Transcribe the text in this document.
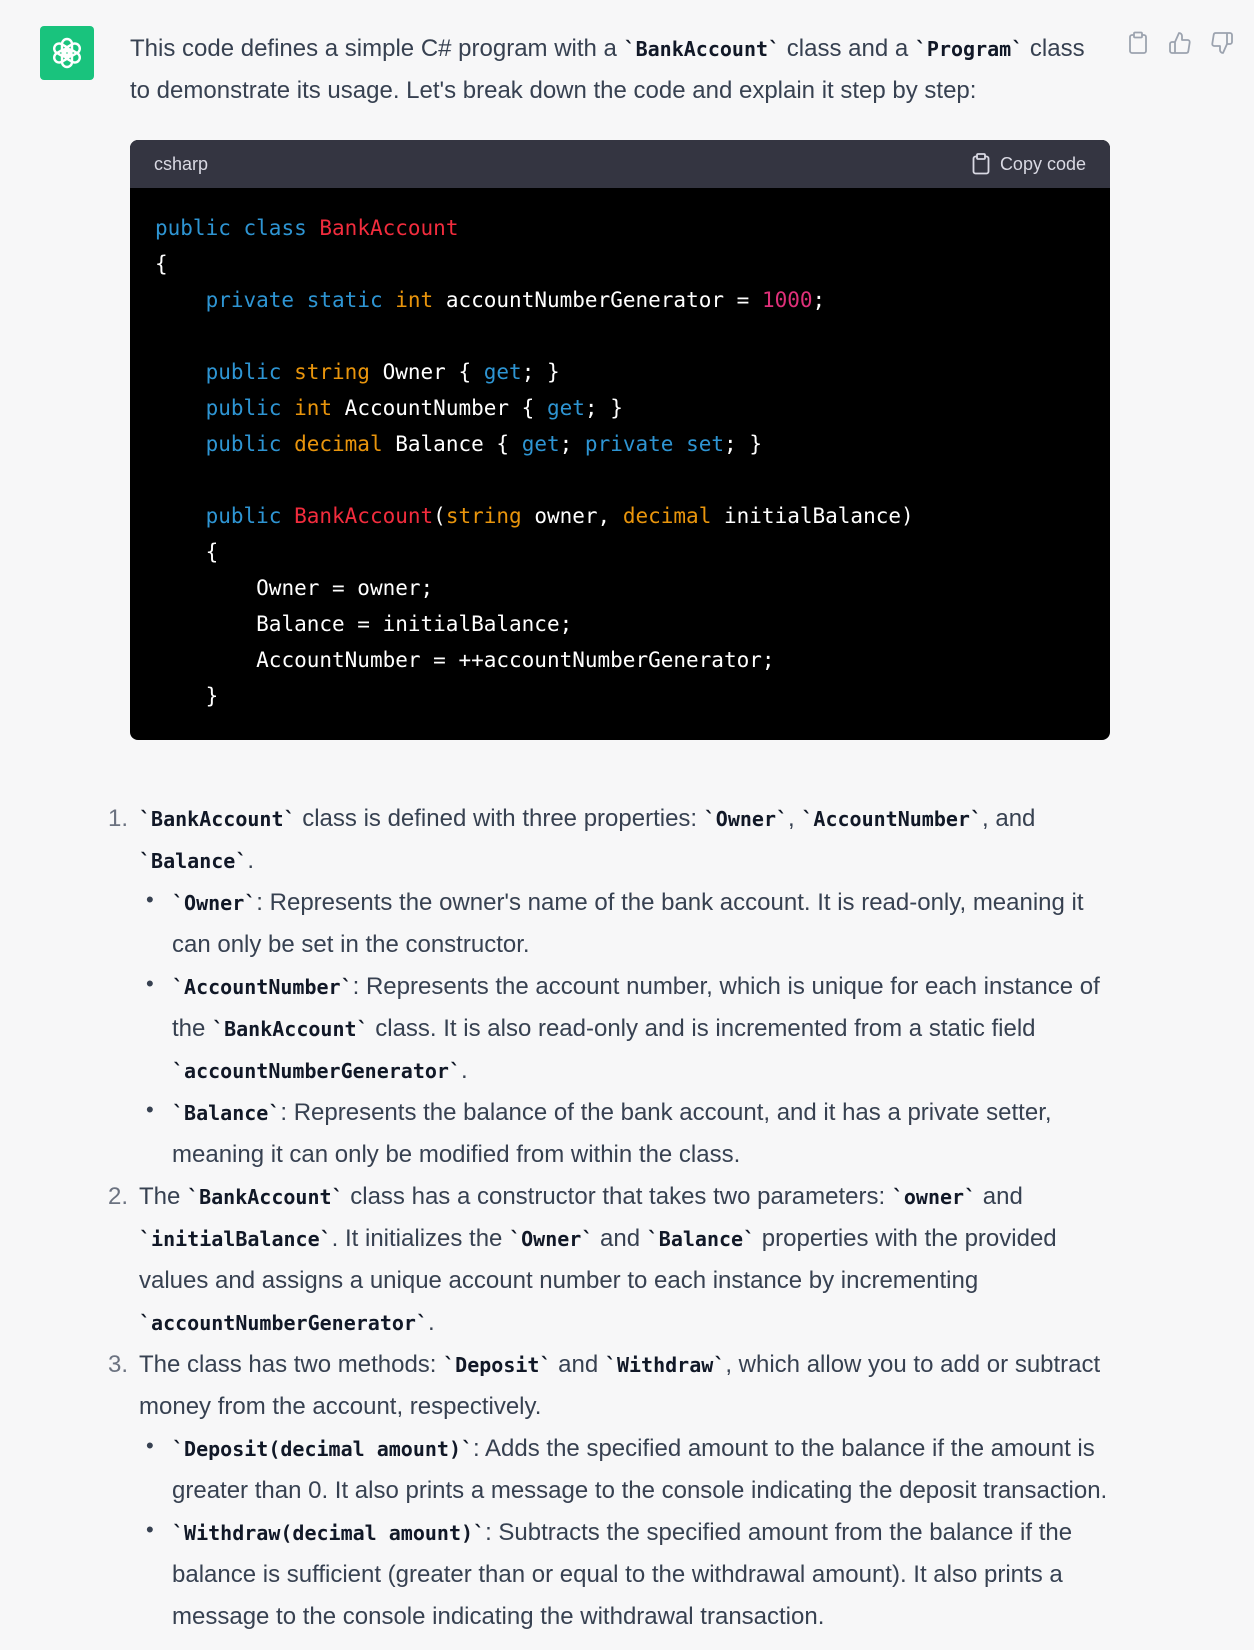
This code defines a simple C# program with a `BankAccount` class and a `Program` class to demonstrate its usage. Let's break down the code and explain it step by step:

csharp	Copy code
public class BankAccount
{
private static int accountNumberGenerator = 1000;
public string Owner { get; }
public int AccountNumber { get; }
public decimal Balance { get; private set; }
public BankAccount(string owner, decimal initialBalance)
{
Owner = owner;
Balance = initialBalance;
AccountNumber = ++accountNumberGenerator;
}
1. `BankAccount` class is defined with three properties: `Owner`, `AccountNumber`, and `Balance`.
• `Owner`: Represents the owner's name of the bank account. It is read-only, meaning it can only be set in the constructor.
• `AccountNumber`: Represents the account number, which is unique for each instance of the `BankAccount` class. It is also read-only and is incremented from a static field `accountNumberGenerator`.
• `Balance`: Represents the balance of the bank account, and it has a private setter, meaning it can only be modified from within the class.
2. The `BankAccount` class has a constructor that takes two parameters: `owner` and `initialBalance`. It initializes the `Owner` and `Balance` properties with the provided values and assigns a unique account number to each instance by incrementing `accountNumberGenerator`.
3. The class has two methods: `Deposit` and `Withdraw`, which allow you to add or subtract money from the account, respectively.
• `Deposit(decimal amount)`: Adds the specified amount to the balance if the amount is greater than 0. It also prints a message to the console indicating the deposit transaction.
• `Withdraw(decimal amount)`: Subtracts the specified amount from the balance if the balance is sufficient (greater than or equal to the withdrawal amount). It also prints a message to the console indicating the withdrawal transaction.
